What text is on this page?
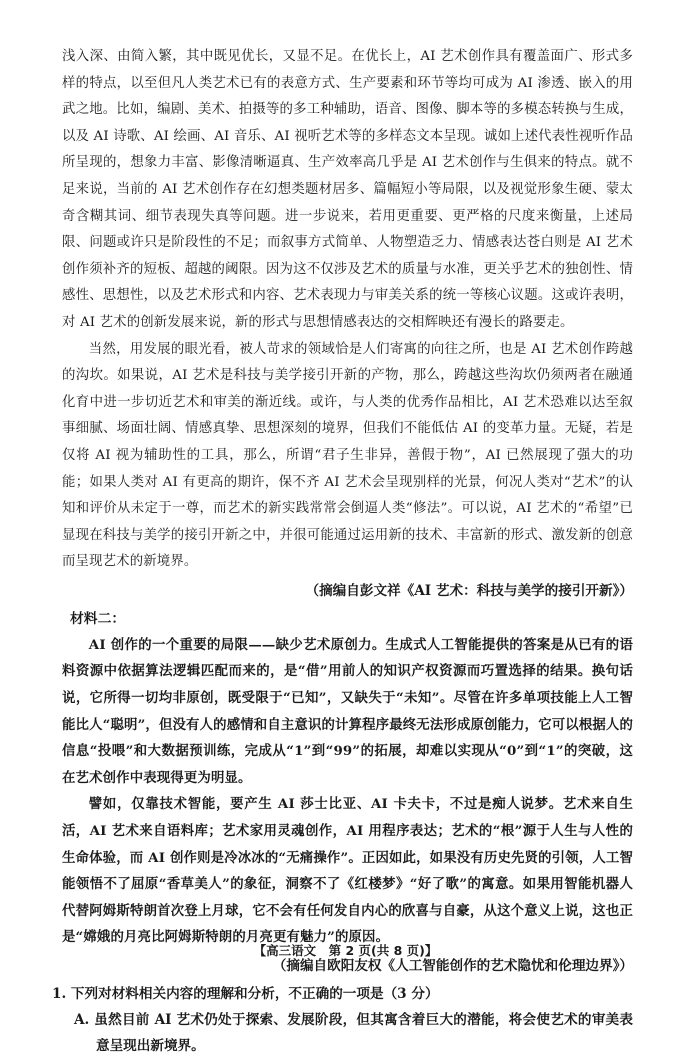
浅入深、由简入繁，其中既见优长，又显不足。在优长上，AI 艺术创作具有覆盖面广、形式多样的特点，以至但凡人类艺术已有的表意方式、生产要素和环节等均可成为 AI 渗透、嵌入的用武之地。比如，编剧、美术、拍摄等的多工种辅助，语音、图像、脚本等的多模态转换与生成，以及 AI 诗歌、AI 绘画、AI 音乐、AI 视听艺术等的多样态文本呈现。诚如上述代表性视听作品所呈现的，想象力丰富、影像清晰逼真、生产效率高几乎是 AI 艺术创作与生俱来的特点。就不足来说，当前的 AI 艺术创作存在幻想类题材居多、篇幅短小等局限，以及视觉形象生硬、蒙太奇含糊其词、细节表现失真等问题。进一步说来，若用更重要、更严格的尺度来衡量，上述局限、问题或许只是阶段性的不足；而叙事方式简单、人物塑造乏力、情感表达苍白则是 AI 艺术创作须补齐的短板、超越的阈限。因为这不仅涉及艺术的质量与水准，更关乎艺术的独创性、情感性、思想性，以及艺术形式和内容、艺术表现力与审美关系的统一等核心议题。这或许表明，对 AI 艺术的创新发展来说，新的形式与思想情感表达的交相辉映还有漫长的路要走。

当然，用发展的眼光看，被人苛求的领域恰是人们寄寓的向往之所，也是 AI 艺术创作跨越的沟坎。如果说，AI 艺术是科技与美学接引开新的产物，那么，跨越这些沟坎仍须两者在融通化育中进一步切近艺术和审美的渐近线。或许，与人类的优秀作品相比，AI 艺术恐难以达至叙事细腻、场面壮阔、情感真挚、思想深刻的境界，但我们不能低估 AI 的变革力量。无疑，若是仅将 AI 视为辅助性的工具，那么，所谓“君子生非异，善假于物”，AI 已然展现了强大的功能；如果人类对 AI 有更高的期许，保不齐 AI 艺术会呈现别样的光景，何况人类对“艺术”的认知和评价从未定于一尊，而艺术的新实践常常会倒逼人类“修法”。可以说，AI 艺术的“希望”已显现在科技与美学的接引开新之中，并很可能通过运用新的技术、丰富新的形式、激发新的创意而呈现艺术的新境界。

（摘编自彭文祥《AI 艺术：科技与美学的接引开新》）

材料二：

AI 创作的一个重要的局限——缺少艺术原创力。生成式人工智能提供的答案是从已有的语料资源中依据算法逻辑匹配而来的，是“借”用前人的知识产权资源而巧置选择的结果。换句话说，它所得一切均非原创，既受限于“已知”，又缺失于“未知”。尽管在许多单项技能上人工智能比人“聪明”，但没有人的感情和自主意识的计算程序最终无法形成原创能力，它可以根据人的信息“投喂”和大数据预训练，完成从“1”到“99”的拓展，却难以实现从“0”到“1”的突破，这在艺术创作中表现得更为明显。

譬如，仅靠技术智能，要产生 AI 莎士比亚、AI 卡夫卡，不过是痴人说梦。艺术来自生活，AI 艺术来自语料库；艺术家用灵魂创作，AI 用程序表达；艺术的“根”源于人生与人性的生命体验，而 AI 创作则是冷冰冰的“无痛操作”。正因如此，如果没有历史先贤的引领，人工智能领悟不了屈原“香草美人”的象征，洞察不了《红楼梦》“好了歌”的寓意。如果用智能机器人代替阿姆斯特朗首次登上月球，它不会有任何发自内心的欣喜与自豪，从这个意义上说，这也正是“嫦娥的月亮比阿姆斯特朗的月亮更有魅力”的原因。

（摘编自欧阳友权《人工智能创作的艺术隐忧和伦理边界》）

1. 下列对材料相关内容的理解和分析，不正确的一项是（3 分）

A. 虽然目前 AI 艺术仍处于探索、发展阶段，但其寓含着巨大的潜能，将会使艺术的审美表意呈现出新境界。

【高三语文　第 2 页(共 8 页)】
